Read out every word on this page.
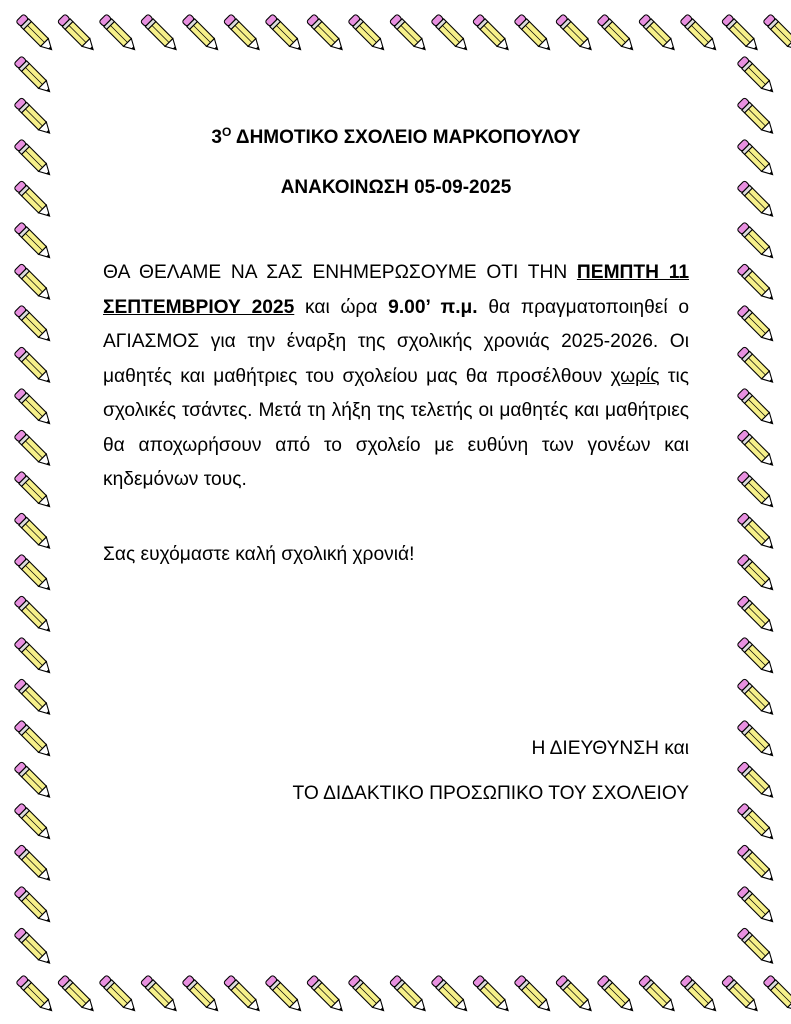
$3^O$ ΔΗΜΟΤΙΚΟ ΣΧΟΛΕΙΟ ΜΑΡΚΟΠΟΥΛΟΥ
ΑΝΑΚΟΙΝΩΣΗ 05-09-2025

ΘΑ ΘΕΛΑΜΕ ΝΑ ΣΑΣ ΕΝΗΜΕΡΩΣΟΥΜΕ ΟΤΙ ΤΗΝ ΠΕΜΠΤΗ 11 ΣΕΠΤΕΜΒΡΙΟΥ 2025 και ώρα 9.00’ π.μ. θα πραγματοποιηθεί ο ΑΓΙΑΣΜΟΣ για την έναρξη της σχολικής χρονιάς 2025-2026. Οι μαθητές και μαθήτριες του σχολείου μας θα προσέλθουν χωρίς τις σχολικές τσάντες. Μετά τη λήξη της τελετής οι μαθητές και μαθήτριες θα αποχωρήσουν από το σχολείο με ευθύνη των γονέων και κηδεμόνων τους.

Σας ευχόμαστε καλή σχολική χρονιά!

Η ΔΙΕΥΘΥΝΣΗ και
ΤΟ ΔΙΔΑΚΤΙΚΟ ΠΡΟΣΩΠΙΚΟ ΤΟΥ ΣΧΟΛΕΙΟΥ
